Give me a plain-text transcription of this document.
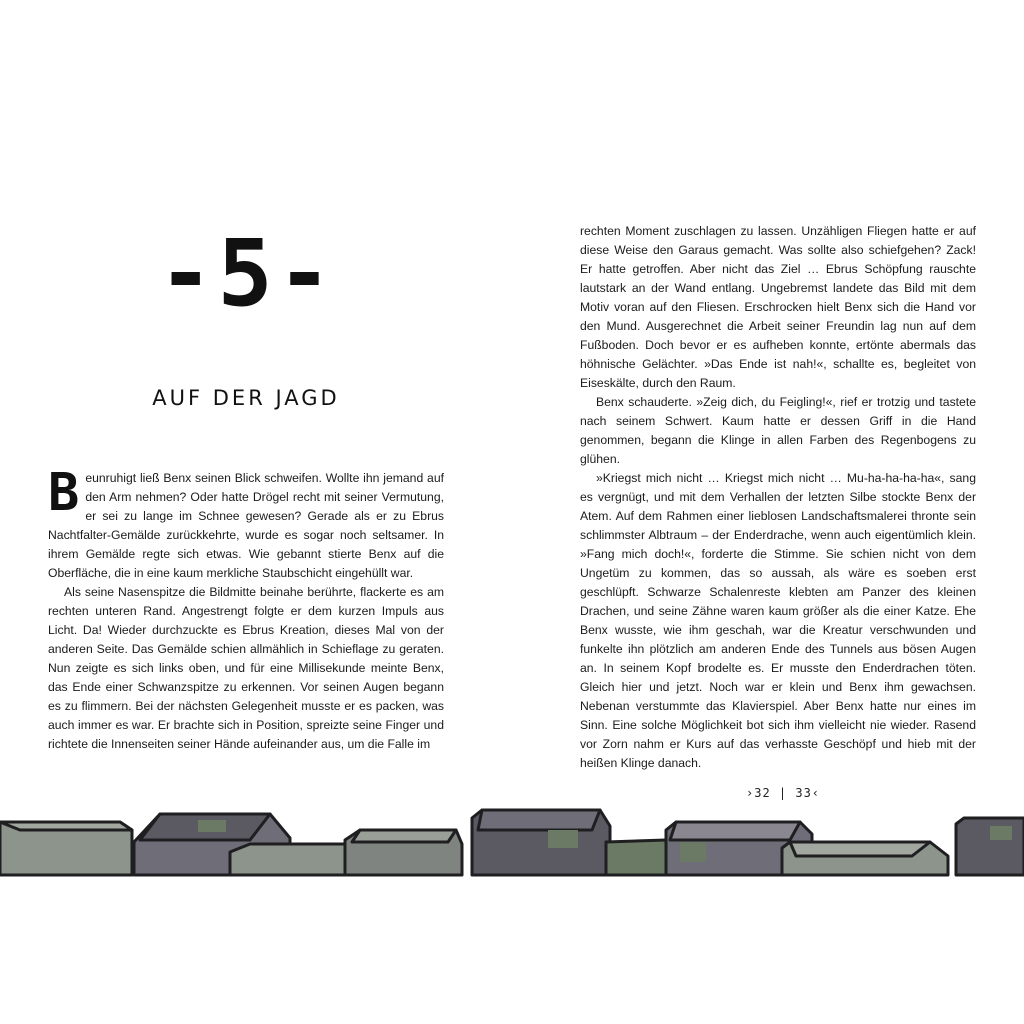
-5-
AUF DER JAGD

Beunruhigt ließ Benx seinen Blick schweifen. Wollte ihn jemand auf den Arm nehmen? Oder hatte Drögel recht mit seiner Vermutung, er sei zu lange im Schnee gewesen? Gerade als er zu Ebrus Nachtfalter-Gemälde zurückkehrte, wurde es sogar noch seltsamer. In ihrem Gemälde regte sich etwas. Wie gebannt stierte Benx auf die Oberfläche, die in eine kaum merkliche Staubschicht eingehüllt war.

Als seine Nasenspitze die Bildmitte beinahe berührte, flackerte es am rechten unteren Rand. Angestrengt folgte er dem kurzen Impuls aus Licht. Da! Wieder durchzuckte es Ebrus Kreation, dieses Mal von der anderen Seite. Das Gemälde schien allmählich in Schieflage zu geraten. Nun zeigte es sich links oben, und für eine Millisekunde meinte Benx, das Ende einer Schwanzspitze zu erkennen. Vor seinen Augen begann es zu flimmern. Bei der nächsten Gelegenheit musste er es packen, was auch immer es war. Er brachte sich in Position, spreizte seine Finger und richtete die Innenseiten seiner Hände aufeinander aus, um die Falle im

rechten Moment zuschlagen zu lassen. Unzähligen Fliegen hatte er auf diese Weise den Garaus gemacht. Was sollte also schiefgehen? Zack! Er hatte getroffen. Aber nicht das Ziel … Ebrus Schöpfung rauschte lautstark an der Wand entlang. Ungebremst landete das Bild mit dem Motiv voran auf den Fliesen. Erschrocken hielt Benx sich die Hand vor den Mund. Ausgerechnet die Arbeit seiner Freundin lag nun auf dem Fußboden. Doch bevor er es aufheben konnte, ertönte abermals das höhnische Gelächter. »Das Ende ist nah!«, schallte es, begleitet von Eiseskälte, durch den Raum.

Benx schauderte. »Zeig dich, du Feigling!«, rief er trotzig und tastete nach seinem Schwert. Kaum hatte er dessen Griff in die Hand genommen, begann die Klinge in allen Farben des Regenbogens zu glühen.

»Kriegst mich nicht … Kriegst mich nicht … Mu-ha-ha-ha-ha«, sang es vergnügt, und mit dem Verhallen der letzten Silbe stockte Benx der Atem. Auf dem Rahmen einer lieblosen Landschaftsmalerei thronte sein schlimmster Albtraum – der Enderdrache, wenn auch eigentümlich klein. »Fang mich doch!«, forderte die Stimme. Sie schien nicht von dem Ungetüm zu kommen, das so aussah, als wäre es soeben erst geschlüpft. Schwarze Schalenreste klebten am Panzer des kleinen Drachen, und seine Zähne waren kaum größer als die einer Katze. Ehe Benx wusste, wie ihm geschah, war die Kreatur verschwunden und funkelte ihn plötzlich am anderen Ende des Tunnels aus bösen Augen an. In seinem Kopf brodelte es. Er musste den Enderdrachen töten. Gleich hier und jetzt. Noch war er klein und Benx ihm gewachsen. Nebenan verstummte das Klavierspiel. Aber Benx hatte nur eines im Sinn. Eine solche Möglichkeit bot sich ihm vielleicht nie wieder. Rasend vor Zorn nahm er Kurs auf das verhasste Geschöpf und hieb mit der heißen Klinge danach.

›32 | 33‹
